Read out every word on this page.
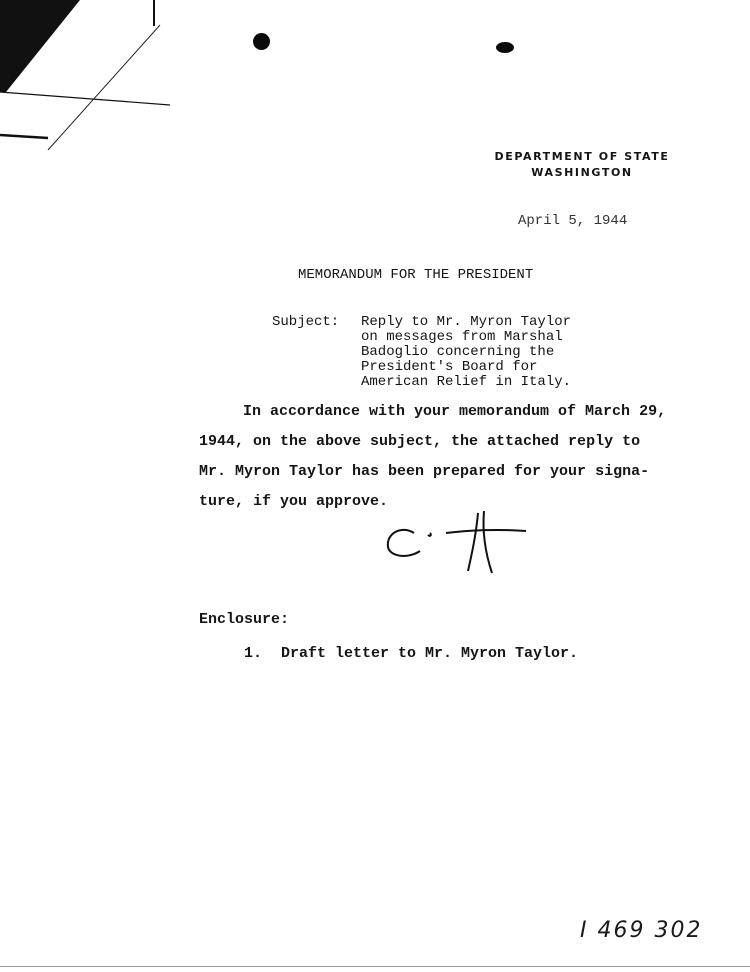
DEPARTMENT OF STATE
WASHINGTON
April 5, 1944
MEMORANDUM FOR THE PRESIDENT
Subject: Reply to Mr. Myron Taylor
on messages from Marshal
Badoglio concerning the
President's Board for
American Relief in Italy.
In accordance with your memorandum of March 29,
1944, on the above subject, the attached reply to
Mr. Myron Taylor has been prepared for your signa-
ture, if you approve.
Enclosure:
1. Draft letter to Mr. Myron Taylor.
I 469 302
